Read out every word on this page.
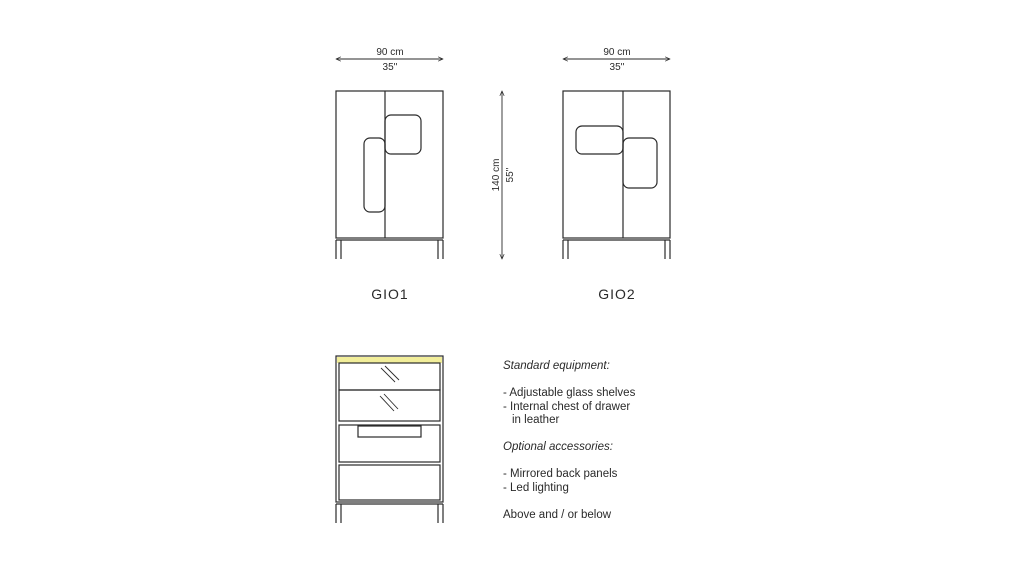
90 cm
35''
GIO1
140 cm 55''
90 cm
35''
GIO2
Standard equipment:
- Adjustable glass shelves
- Internal chest of drawer
in leather
Optional accessories:
- Mirrored back panels
- Led lighting
Above and / or below
